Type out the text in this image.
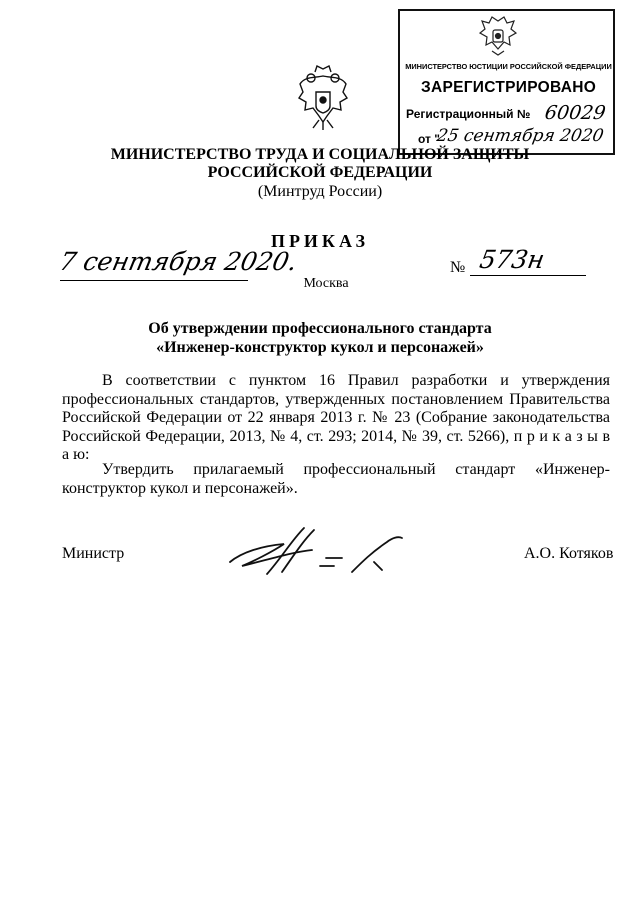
МИНИСТЕРСТВО ЮСТИЦИИ РОССИЙСКОЙ ФЕДЕРАЦИИ
ЗАРЕГИСТРИРОВАНО
Регистрационный № 60029
от "
25 сентября 2020
МИНИСТЕРСТВО ТРУДА И СОЦИАЛЬНОЙ ЗАЩИТЫ
РОССИЙСКОЙ ФЕДЕРАЦИИ
(Минтруд России)
7 сентября 2020.
ПРИКАЗ
Москва
№ 573н
Об утверждении профессионального стандарта
«Инженер-конструктор кукол и персонажей»
В соответствии с пунктом 16 Правил разработки и утверждения профессиональных стандартов, утвержденных постановлением Правительства Российской Федерации от 22 января 2013 г. № 23 (Собрание законодательства Российской Федерации, 2013, № 4, ст. 293; 2014, № 39, ст. 5266), п р и к а з ы в а ю:
Утвердить прилагаемый профессиональный стандарт «Инженер-конструктор кукол и персонажей».
Министр	А.О. Котяков
